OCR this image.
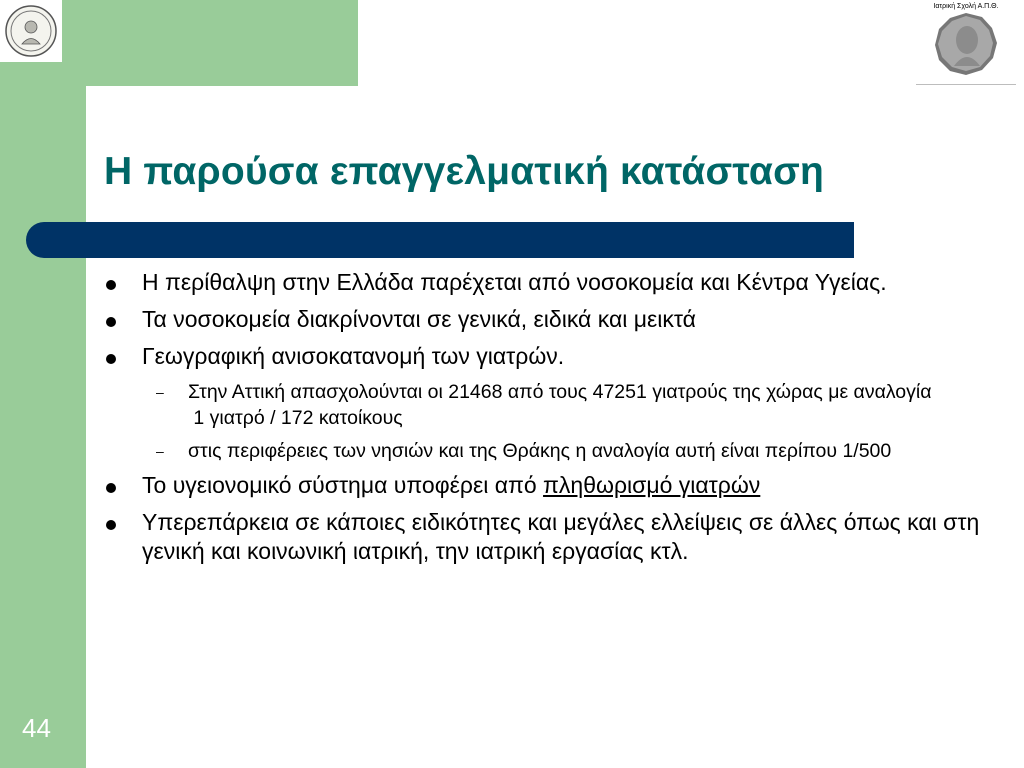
Ιατρική Σχολή Α.Π.Θ.
Η παρούσα επαγγελματική κατάσταση
Η περίθαλψη στην Ελλάδα παρέχεται από νοσοκομεία και Κέντρα Υγείας.
Τα νοσοκομεία διακρίνονται σε γενικά, ειδικά και μεικτά
Γεωγραφική ανισοκατανομή των γιατρών.
– Στην Αττική απασχολούνται οι 21468 από τους 47251 γιατρούς της χώρας με αναλογία
1 γιατρό / 172 κατοίκους
– στις περιφέρειες των νησιών και της Θράκης η αναλογία αυτή είναι περίπου 1/500
Το υγειονομικό σύστημα υποφέρει από πληθωρισμό γιατρών
Υπερεπάρκεια σε κάποιες ειδικότητες και μεγάλες ελλείψεις σε άλλες όπως και στη γενική και κοινωνική ιατρική, την ιατρική εργασίας κτλ.
44
